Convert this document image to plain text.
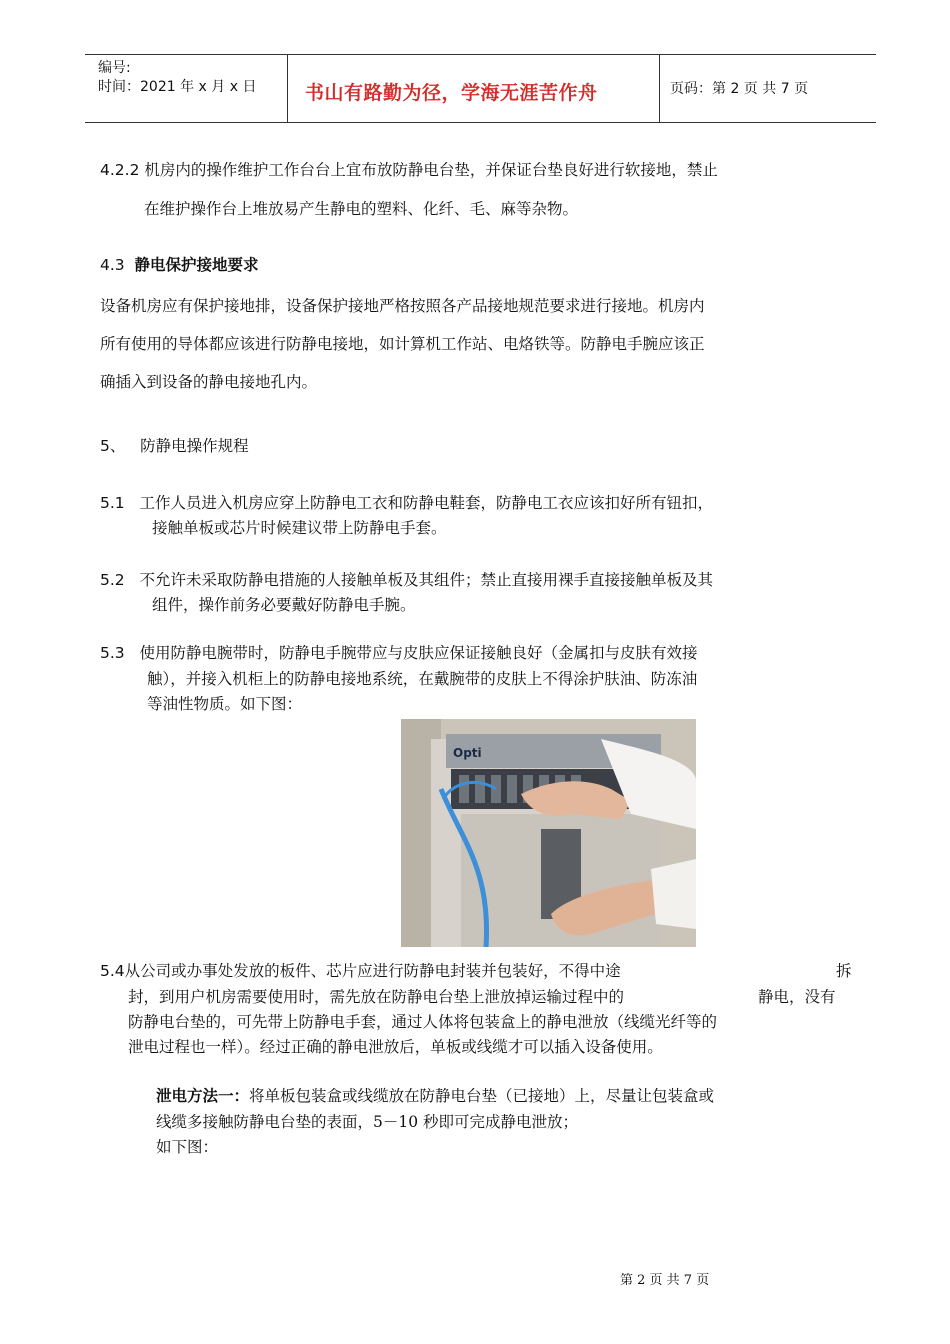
编号:
时间：2021 年 x 月 x 日	书山有路勤为径，学海无涯苦作舟	页码：第 2 页 共 7 页

4.2.2 机房内的操作维护工作台台上宜布放防静电台垫，并保证台垫良好进行软接地，禁止

在维护操作台上堆放易产生静电的塑料、化纤、毛、麻等杂物。

4.3 静电保护接地要求

设备机房应有保护接地排，设备保护接地严格按照各产品接地规范要求进行接地。机房内

所有使用的导体都应该进行防静电接地，如计算机工作站、电烙铁等。防静电手腕应该正

确插入到设备的静电接地孔内。

5、 防静电操作规程

5.1 工作人员进入机房应穿上防静电工衣和防静电鞋套，防静电工衣应该扣好所有钮扣，

接触单板或芯片时候建议带上防静电手套。

5.2 不允许未采取防静电措施的人接触单板及其组件；禁止直接用裸手直接接触单板及其

组件，操作前务必要戴好防静电手腕。

5.3 使用防静电腕带时，防静电手腕带应与皮肤应保证接触良好（金属扣与皮肤有效接

触），并接入机柜上的防静电接地系统，在戴腕带的皮肤上不得涂护肤油、防冻油

等油性物质。如下图：

Opti

5.4从公司或办事处发放的板件、芯片应进行防静电封装并包装好，不得中途	拆

封，到用户机房需要使用时，需先放在防静电台垫上泄放掉运输过程中的	静电，没有

防静电台垫的，可先带上防静电手套，通过人体将包装盒上的静电泄放（线缆光纤等的

泄电过程也一样）。经过正确的静电泄放后，单板或线缆才可以插入设备使用。

泄电方法一：将单板包装盒或线缆放在防静电台垫（已接地）上，尽量让包装盒或

线缆多接触防静电台垫的表面，5－10 秒即可完成静电泄放；

如下图：

第 2 页 共 7 页
